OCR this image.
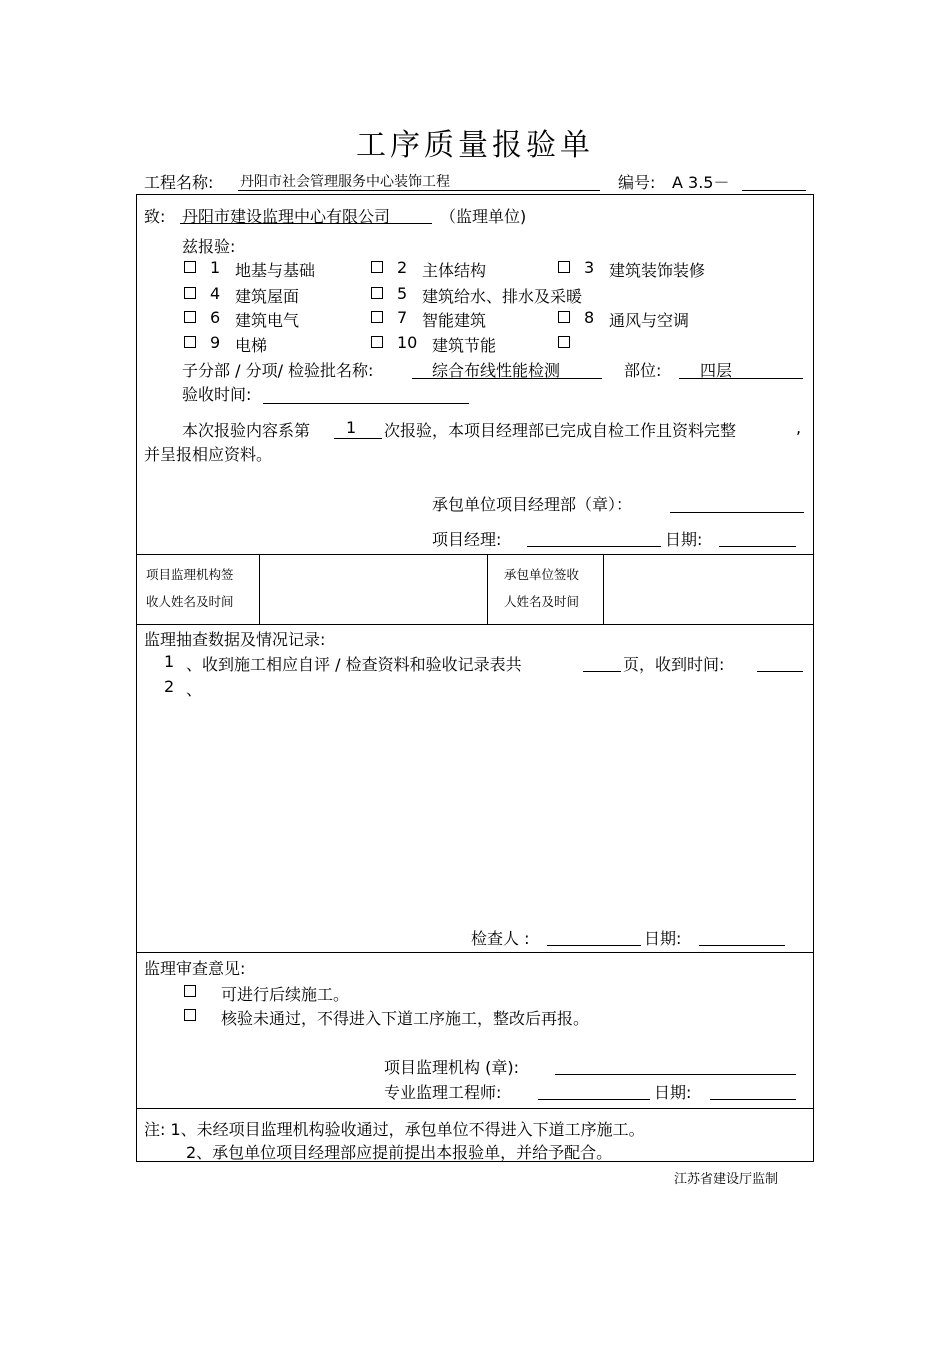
工序质量报验单
工程名称: 丹阳市社会管理服务中心装饰工程	编号: A 3.5－
致: 丹阳市建设监理中心有限公司	（监理单位)
兹报验:
1 地基与基础	2 主体结构	3 建筑装饰装修
4 建筑屋面	5 建筑给水、排水及采暖
6 建筑电气	7 智能建筑	8 通风与空调
9 电梯	10 建筑节能
子分部 / 分项/ 检验批名称:	综合布线性能检测	部位: 四层
验收时间:
本次报验内容系第 1 次报验，本项目经理部已完成自检工作且资料完整	,
并呈报相应资料。
承包单位项目经理部（章）：
项目经理:	日期:
项目监理机构签
收人姓名及时间
承包单位签收
人姓名及时间
监理抽查数据及情况记录:
1 、收到施工相应自评 / 检查资料和验收记录表共	页，收到时间:
2 、
检查人 :	日期:
监理审查意见:
可进行后续施工。
核验未通过，不得进入下道工序施工，整改后再报。
项目监理机构 (章):
专业监理工程师:	日期:
注: 1、未经项目监理机构验收通过，承包单位不得进入下道工序施工。
2、承包单位项目经理部应提前提出本报验单，并给予配合。
江苏省建设厅监制
